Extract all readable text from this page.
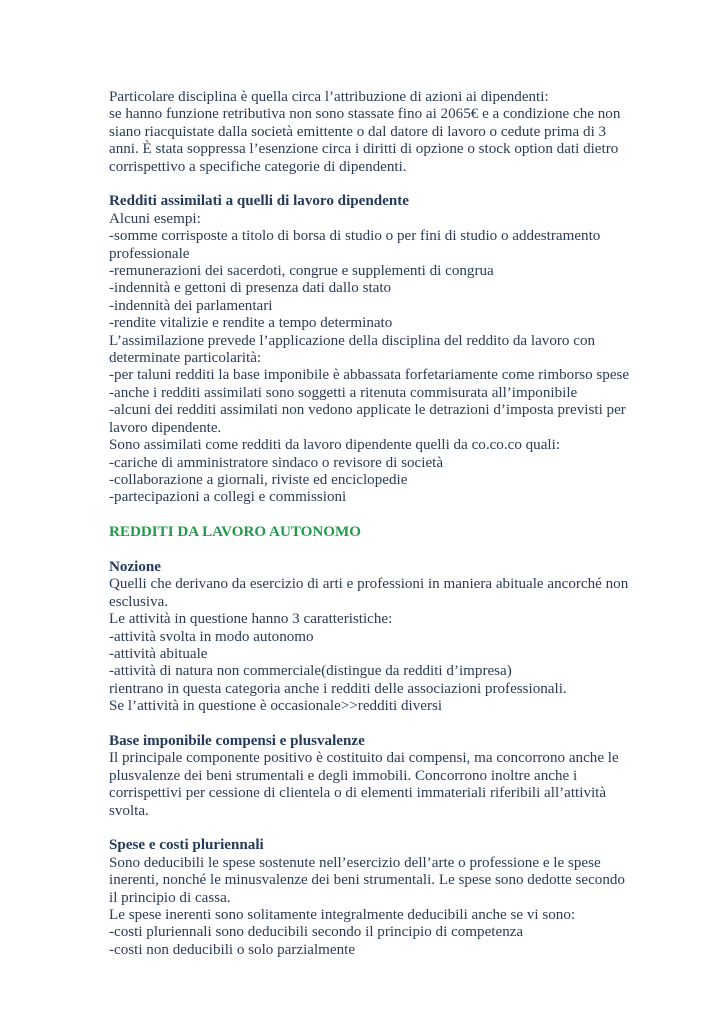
Particolare disciplina è quella circa l’attribuzione di azioni ai dipendenti:
se hanno funzione retributiva non sono stassate fino ai 2065€ e a condizione che non
siano riacquistate dalla società emittente o dal datore di lavoro o cedute prima di 3
anni. È stata soppressa l’esenzione circa i diritti di opzione o stock option dati dietro
corrispettivo a specifiche categorie di dipendenti.
Redditi assimilati a quelli di lavoro dipendente
Alcuni esempi:
-somme corrisposte a titolo di borsa di studio o per fini di studio o addestramento
professionale
-remunerazioni dei sacerdoti, congrue e supplementi di congrua
-indennità e gettoni di presenza dati dallo stato
-indennità dei parlamentari
-rendite vitalizie e rendite a tempo determinato
L’assimilazione prevede l’applicazione della disciplina del reddito da lavoro con
determinate particolarità:
-per taluni redditi la base imponibile è abbassata forfetariamente come rimborso spese
-anche i redditi assimilati sono soggetti a ritenuta commisurata all’imponibile
-alcuni dei redditi assimilati non vedono applicate le detrazioni d’imposta previsti per
lavoro dipendente.
Sono assimilati come redditi da lavoro dipendente quelli da co.co.co quali:
-cariche di amministratore sindaco o revisore di società
-collaborazione a giornali, riviste ed enciclopedie
-partecipazioni a collegi e commissioni
REDDITI DA LAVORO AUTONOMO
Nozione
Quelli che derivano da esercizio di arti e professioni in maniera abituale ancorché non
esclusiva.
Le attività in questione hanno 3 caratteristiche:
-attività svolta in modo autonomo
-attività abituale
-attività di natura non commerciale(distingue da redditi d’impresa)
rientrano in questa categoria anche i redditi delle associazioni professionali.
Se l’attività in questione è occasionale>>redditi diversi
Base imponibile compensi e plusvalenze
Il principale componente positivo è costituito dai compensi, ma concorrono anche le
plusvalenze dei beni strumentali e degli immobili. Concorrono inoltre anche i
corrispettivi per cessione di clientela o di elementi immateriali riferibili all’attività
svolta.
Spese e costi pluriennali
Sono deducibili le spese sostenute nell’esercizio dell’arte o professione e le spese
inerenti, nonché le minusvalenze dei beni strumentali. Le spese sono dedotte secondo
il principio di cassa.
Le spese inerenti sono solitamente integralmente deducibili anche se vi sono:
-costi pluriennali sono deducibili secondo il principio di competenza
-costi non deducibili o solo parzialmente
